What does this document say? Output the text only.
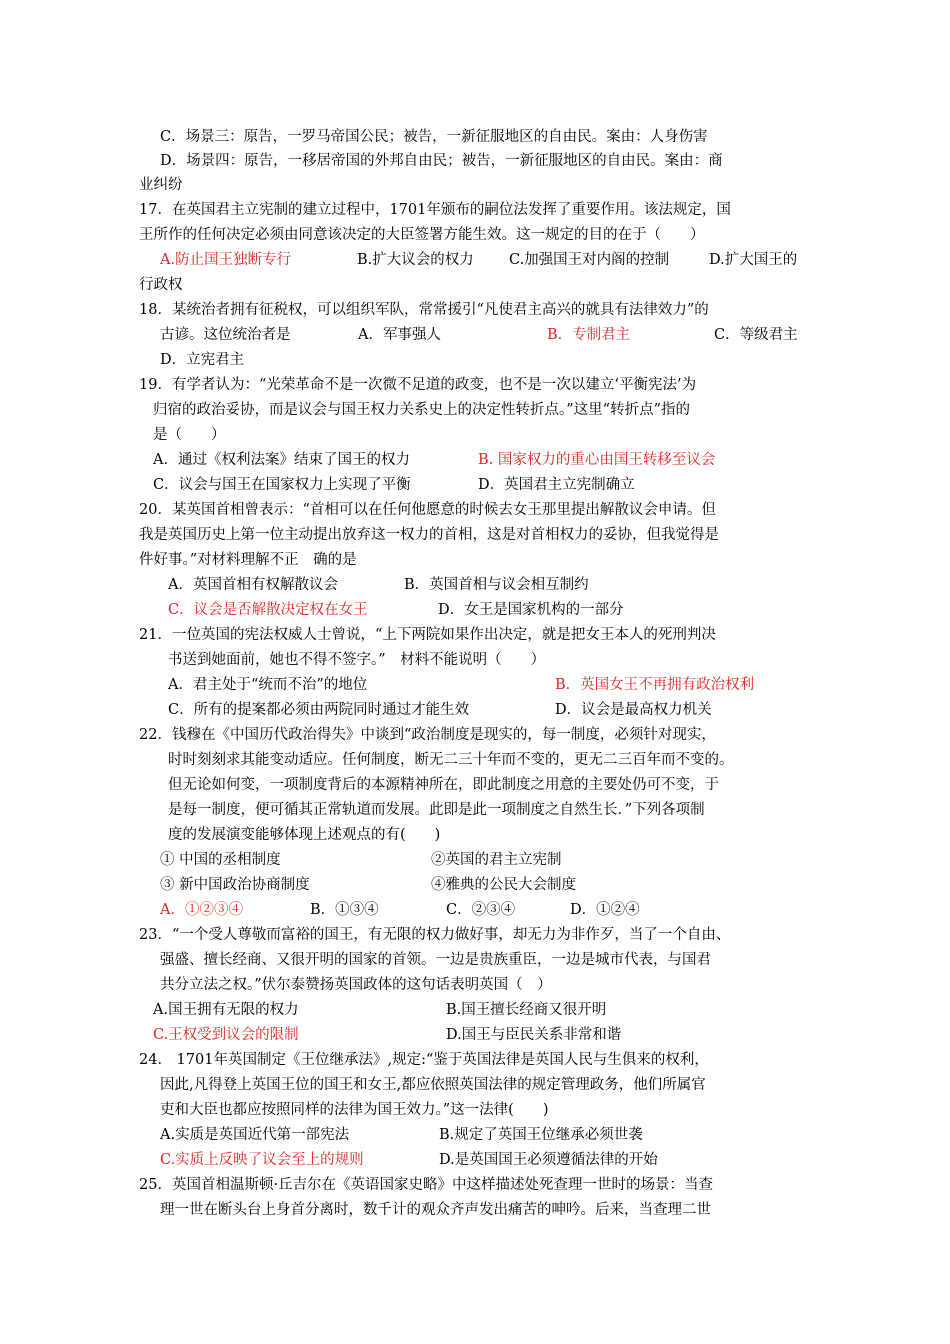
C．场景三：原告，一罗马帝国公民；被告，一新征服地区的自由民。案由：人身伤害
D．场景四：原告，一移居帝国的外邦自由民；被告，一新征服地区的自由民。案由：商
业纠纷
17．在英国君主立宪制的建立过程中，1701年颁布的嗣位法发挥了重要作用。该法规定，国
王所作的任何决定必须由同意该决定的大臣签署方能生效。这一规定的目的在于（　　）
A.防止国王独断专行	B.扩大议会的权力 C.加强国王对内阁的控制	D.扩大国王的
行政权
18．某统治者拥有征税权，可以组织军队，常常援引“凡使君主高兴的就具有法律效力”的
古谚。这位统治者是	A．军事强人	B．专制君主	C．等级君主
D．立宪君主
19．有学者认为：“光荣革命不是一次微不足道的政变，也不是一次以建立‘平衡宪法’为
归宿的政治妥协，而是议会与国王权力关系史上的决定性转折点。”这里“转折点”指的
是（　　）
A．通过《权利法案》结束了国王的权力	B. 国家权力的重心由国王转移至议会
C．议会与国王在国家权力上实现了平衡	D．英国君主立宪制确立
20．某英国首相曾表示：“首相可以在任何他愿意的时候去女王那里提出解散议会申请。但
我是英国历史上第一位主动提出放弃这一权力的首相，这是对首相权力的妥协，但我觉得是
件好事。”对材料理解不正　确的是
A．英国首相有权解散议会	B．英国首相与议会相互制约
C．议会是否解散决定权在女王	D．女王是国家机构的一部分
21．一位英国的宪法权威人士曾说，“上下两院如果作出决定，就是把女王本人的死刑判决
书送到她面前，她也不得不签字。”　材料不能说明（　　）
A．君主处于“统而不治”的地位	B．英国女王不再拥有政治权利
C．所有的提案都必须由两院同时通过才能生效	D．议会是最高权力机关
22．钱穆在《中国历代政治得失》中谈到“政治制度是现实的，每一制度，必须针对现实，
时时刻刻求其能变动适应。任何制度，断无二三十年而不变的，更无二三百年而不变的。
但无论如何变，一项制度背后的本源精神所在，即此制度之用意的主要处仍可不变，于
是每一制度，便可循其正常轨道而发展。此即是此一项制度之自然生长．”下列各项制
度的发展演变能够体现上述观点的有(　　)
① 中国的丞相制度	②英国的君主立宪制
③ 新中国政治协商制度	④雅典的公民大会制度
A．①②③④	B．①③④	C．②③④	D．①②④
23．“一个受人尊敬而富裕的国王，有无限的权力做好事，却无力为非作歹，当了一个自由、
强盛、擅长经商、又很开明的国家的首领。一边是贵族重臣，一边是城市代表，与国君
共分立法之权。”伏尔泰赞扬英国政体的这句话表明英国（　）
A.国王拥有无限的权力	B.国王擅长经商又很开明
C.王权受到议会的限制	D.国王与臣民关系非常和谐
24． 1701年英国制定《王位继承法》,规定:“鉴于英国法律是英国人民与生俱来的权利，
因此,凡得登上英国王位的国王和女王,都应依照英国法律的规定管理政务，他们所属官
吏和大臣也都应按照同样的法律为国王效力。”这一法律(　　)
A.实质是英国近代第一部宪法	B.规定了英国王位继承必须世袭
C.实质上反映了议会至上的规则	D.是英国国王必须遵循法律的开始
25．英国首相温斯顿·丘吉尔在《英语国家史略》中这样描述处死查理一世时的场景：当查
理一世在断头台上身首分离时，数千计的观众齐声发出痛苦的呻吟。后来，当查理二世
